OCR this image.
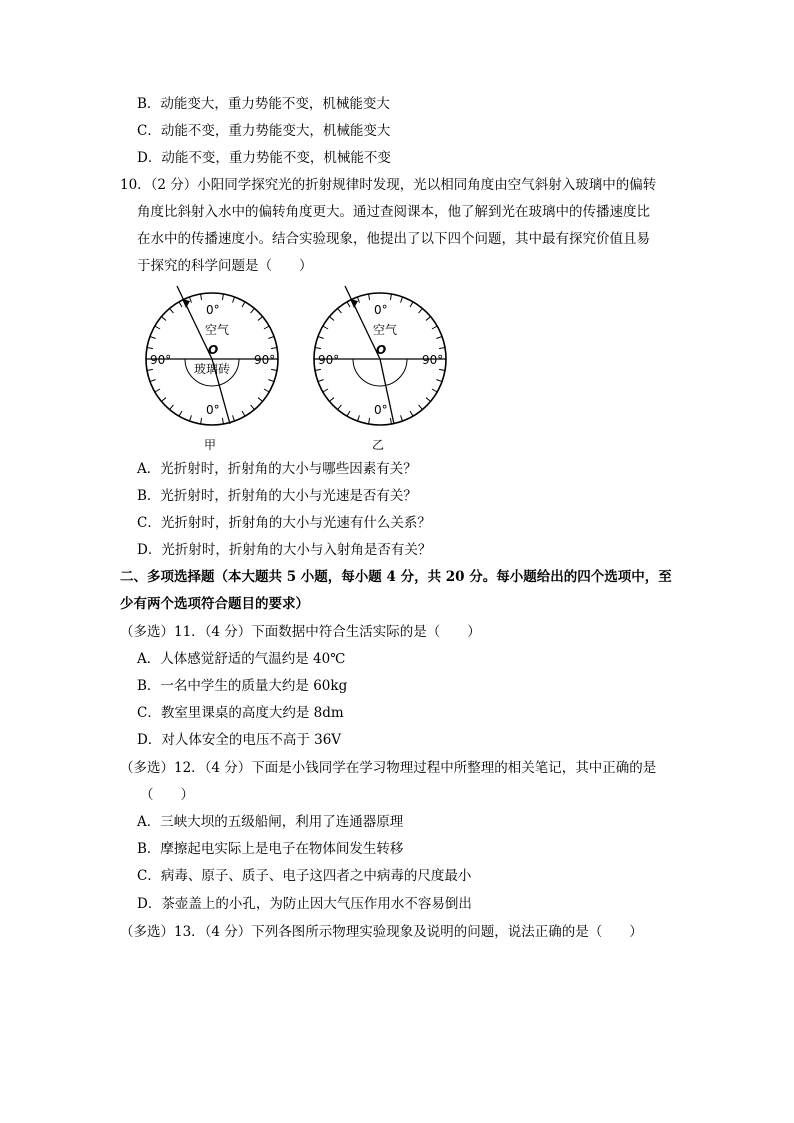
B．动能变大，重力势能不变，机械能变大
C．动能不变，重力势能变大，机械能变大
D．动能不变，重力势能不变，机械能不变
10．（2 分）小阳同学探究光的折射规律时发现，光以相同角度由空气斜射入玻璃中的偏转
角度比斜射入水中的偏转角度更大。通过查阅课本，他了解到光在玻璃中的传播速度比
在水中的传播速度小。结合实验现象，他提出了以下四个问题，其中最有探究价值且易
于探究的科学问题是（　　）
0°
空气
O
90°	90°
玻璃砖
0°
甲
0°
空气
O
90°	90°
0°
乙
A．光折射时，折射角的大小与哪些因素有关？
B．光折射时，折射角的大小与光速是否有关？
C．光折射时，折射角的大小与光速有什么关系？
D．光折射时，折射角的大小与入射角是否有关？
二、多项选择题（本大题共 5 小题，每小题 4 分，共 20 分。每小题给出的四个选项中，至
少有两个选项符合题目的要求）
（多选）11．（4 分）下面数据中符合生活实际的是（　　）
A．人体感觉舒适的气温约是 40℃
B．一名中学生的质量大约是 60kg
C．教室里课桌的高度大约是 8dm
D．对人体安全的电压不高于 36V
（多选）12．（4 分）下面是小钱同学在学习物理过程中所整理的相关笔记，其中正确的是
（　　）
A．三峡大坝的五级船闸，利用了连通器原理
B．摩擦起电实际上是电子在物体间发生转移
C．病毒、原子、质子、电子这四者之中病毒的尺度最小
D．茶壶盖上的小孔，为防止因大气压作用水不容易倒出
（多选）13．（4 分）下列各图所示物理实验现象及说明的问题，说法正确的是（　　）
